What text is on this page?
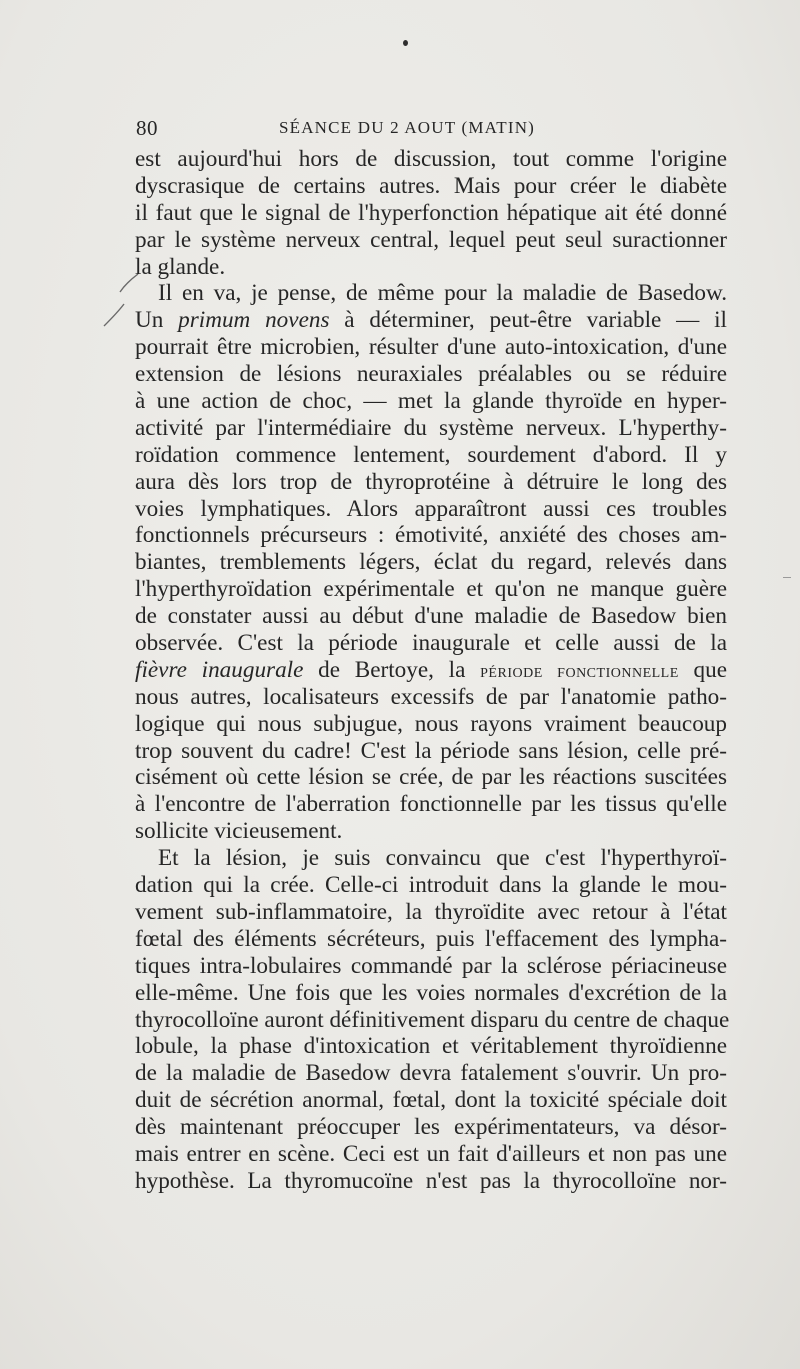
80	SÉANCE DU 2 AOUT (MATIN)
est aujourd'hui hors de discussion, tout comme l'origine
dyscrasique de certains autres. Mais pour créer le diabète
il faut que le signal de l'hyperfonction hépatique ait été donné
par le système nerveux central, lequel peut seul suractionner
la glande.
Il en va, je pense, de même pour la maladie de Basedow.
Un primum novens à déterminer, peut-être variable — il
pourrait être microbien, résulter d'une auto-intoxication, d'une
extension de lésions neuraxiales préalables ou se réduire
à une action de choc, — met la glande thyroïde en hyper-
activité par l'intermédiaire du système nerveux. L'hyperthy-
roïdation commence lentement, sourdement d'abord. Il y
aura dès lors trop de thyroprotéine à détruire le long des
voies lymphatiques. Alors apparaîtront aussi ces troubles
fonctionnels précurseurs : émotivité, anxiété des choses am-
biantes, tremblements légers, éclat du regard, relevés dans
l'hyperthyroïdation expérimentale et qu'on ne manque guère
de constater aussi au début d'une maladie de Basedow bien
observée. C'est la période inaugurale et celle aussi de la
fièvre inaugurale de Bertoye, la période fonctionnelle que
nous autres, localisateurs excessifs de par l'anatomie patho-
logique qui nous subjugue, nous rayons vraiment beaucoup
trop souvent du cadre! C'est la période sans lésion, celle pré-
cisément où cette lésion se crée, de par les réactions suscitées
à l'encontre de l'aberration fonctionnelle par les tissus qu'elle
sollicite vicieusement.
Et la lésion, je suis convaincu que c'est l'hyperthyroï-
dation qui la crée. Celle-ci introduit dans la glande le mou-
vement sub-inflammatoire, la thyroïdite avec retour à l'état
fœtal des éléments sécréteurs, puis l'effacement des lympha-
tiques intra-lobulaires commandé par la sclérose périacineuse
elle-même. Une fois que les voies normales d'excrétion de la
thyrocolloïne auront définitivement disparu du centre de chaque
lobule, la phase d'intoxication et véritablement thyroïdienne
de la maladie de Basedow devra fatalement s'ouvrir. Un pro-
duit de sécrétion anormal, fœtal, dont la toxicité spéciale doit
dès maintenant préoccuper les expérimentateurs, va désor-
mais entrer en scène. Ceci est un fait d'ailleurs et non pas une
hypothèse. La thyromucoïne n'est pas la thyrocolloïne nor-
